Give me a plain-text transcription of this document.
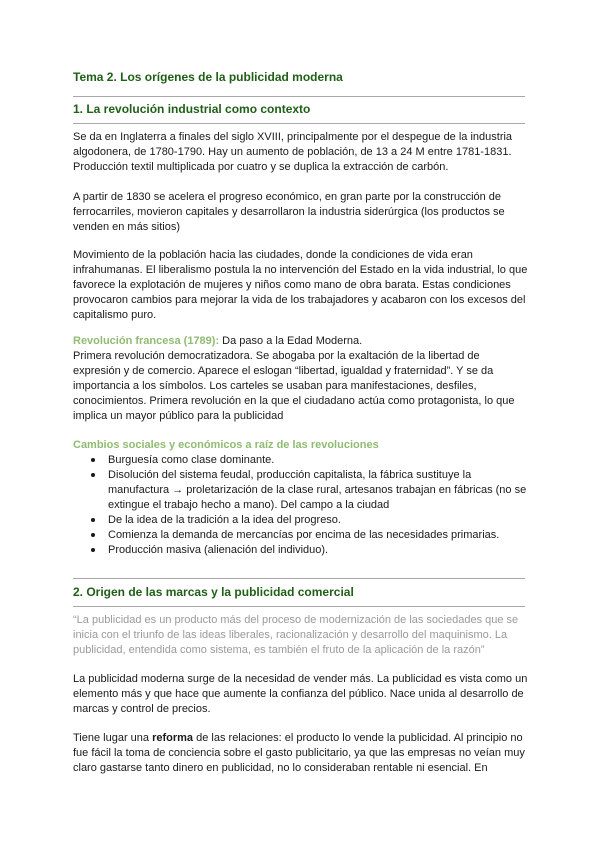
Tema 2. Los orígenes de la publicidad moderna
1. La revolución industrial como contexto

Se da en Inglaterra a finales del siglo XVIII, principalmente por el despegue de la industria algodonera, de 1780-1790. Hay un aumento de población, de 13 a 24 M entre 1781-1831. Producción textil multiplicada por cuatro y se duplica la extracción de carbón.

A partir de 1830 se acelera el progreso económico, en gran parte por la construcción de ferrocarriles, movieron capitales y desarrollaron la industria siderúrgica (los productos se venden en más sitios)

Movimiento de la población hacia las ciudades, donde la condiciones de vida eran infrahumanas. El liberalismo postula la no intervención del Estado en la vida industrial, lo que favorece la explotación de mujeres y niños como mano de obra barata. Estas condiciones provocaron cambios para mejorar la vida de los trabajadores y acabaron con los excesos del capitalismo puro.

Revolución francesa (1789): Da paso a la Edad Moderna.

Primera revolución democratizadora. Se abogaba por la exaltación de la libertad de expresión y de comercio. Aparece el eslogan “libertad, igualdad y fraternidad”. Y se da importancia a los símbolos. Los carteles se usaban para manifestaciones, desfiles, conocimientos. Primera revolución en la que el ciudadano actúa como protagonista, lo que implica un mayor público para la publicidad

Cambios sociales y económicos a raíz de las revoluciones

Burguesía como clase dominante.
Disolución del sistema feudal, producción capitalista, la fábrica sustituye la manufactura → proletarización de la clase rural, artesanos trabajan en fábricas (no se extingue el trabajo hecho a mano). Del campo a la ciudad
De la idea de la tradición a la idea del progreso.
Comienza la demanda de mercancías por encima de las necesidades primarias.
Producción masiva (alienación del individuo).
2. Origen de las marcas y la publicidad comercial

“La publicidad es un producto más del proceso de modernización de las sociedades que se inicia con el triunfo de las ideas liberales, racionalización y desarrollo del maquinismo. La publicidad, entendida como sistema, es también el fruto de la aplicación de la razón”

La publicidad moderna surge de la necesidad de vender más. La publicidad es vista como un elemento más y que hace que aumente la confianza del público. Nace unida al desarrollo de marcas y control de precios.

Tiene lugar una reforma de las relaciones: el producto lo vende la publicidad. Al principio no fue fácil la toma de conciencia sobre el gasto publicitario, ya que las empresas no veían muy claro gastarse tanto dinero en publicidad, no lo consideraban rentable ni esencial. En
